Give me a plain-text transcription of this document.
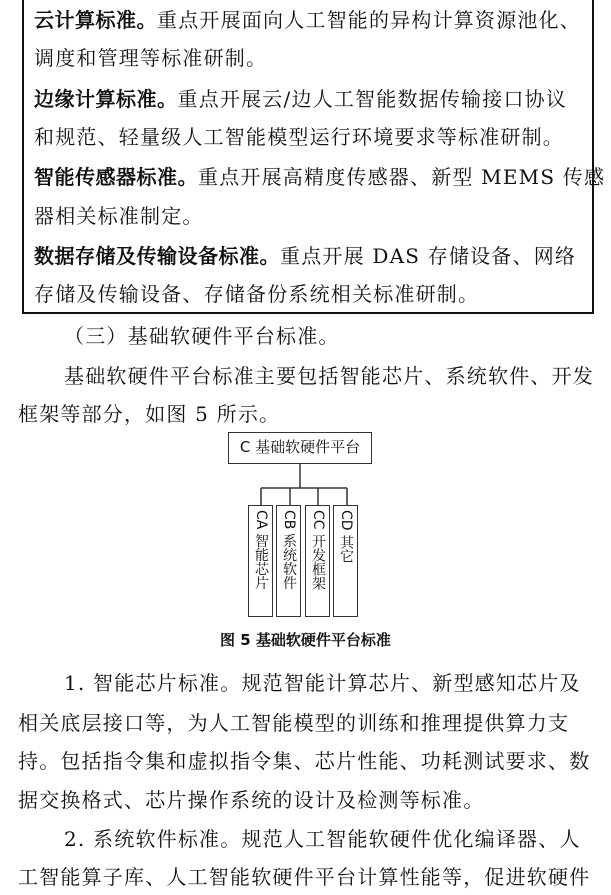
云计算标准。重点开展面向人工智能的异构计算资源池化、
调度和管理等标准研制。
边缘计算标准。重点开展云/边人工智能数据传输接口协议
和规范、轻量级人工智能模型运行环境要求等标准研制。
智能传感器标准。重点开展高精度传感器、新型 MEMS 传感
器相关标准制定。
数据存储及传输设备标准。重点开展 DAS 存储设备、网络
存储及传输设备、存储备份系统相关标准研制。
（三）基础软硬件平台标准。
基础软硬件平台标准主要包括智能芯片、系统软件、开发
框架等部分，如图 5 所示。
C 基础软硬件平台
CA 智能芯片 CB 系统软件 CC 开发框架 CD 其它
图 5 基础软硬件平台标准
1. 智能芯片标准。规范智能计算芯片、新型感知芯片及
相关底层接口等，为人工智能模型的训练和推理提供算力支
持。包括指令集和虚拟指令集、芯片性能、功耗测试要求、数
据交换格式、芯片操作系统的设计及检测等标准。
2. 系统软件标准。规范人工智能软硬件优化编译器、人
工智能算子库、人工智能软硬件平台计算性能等，促进软硬件
